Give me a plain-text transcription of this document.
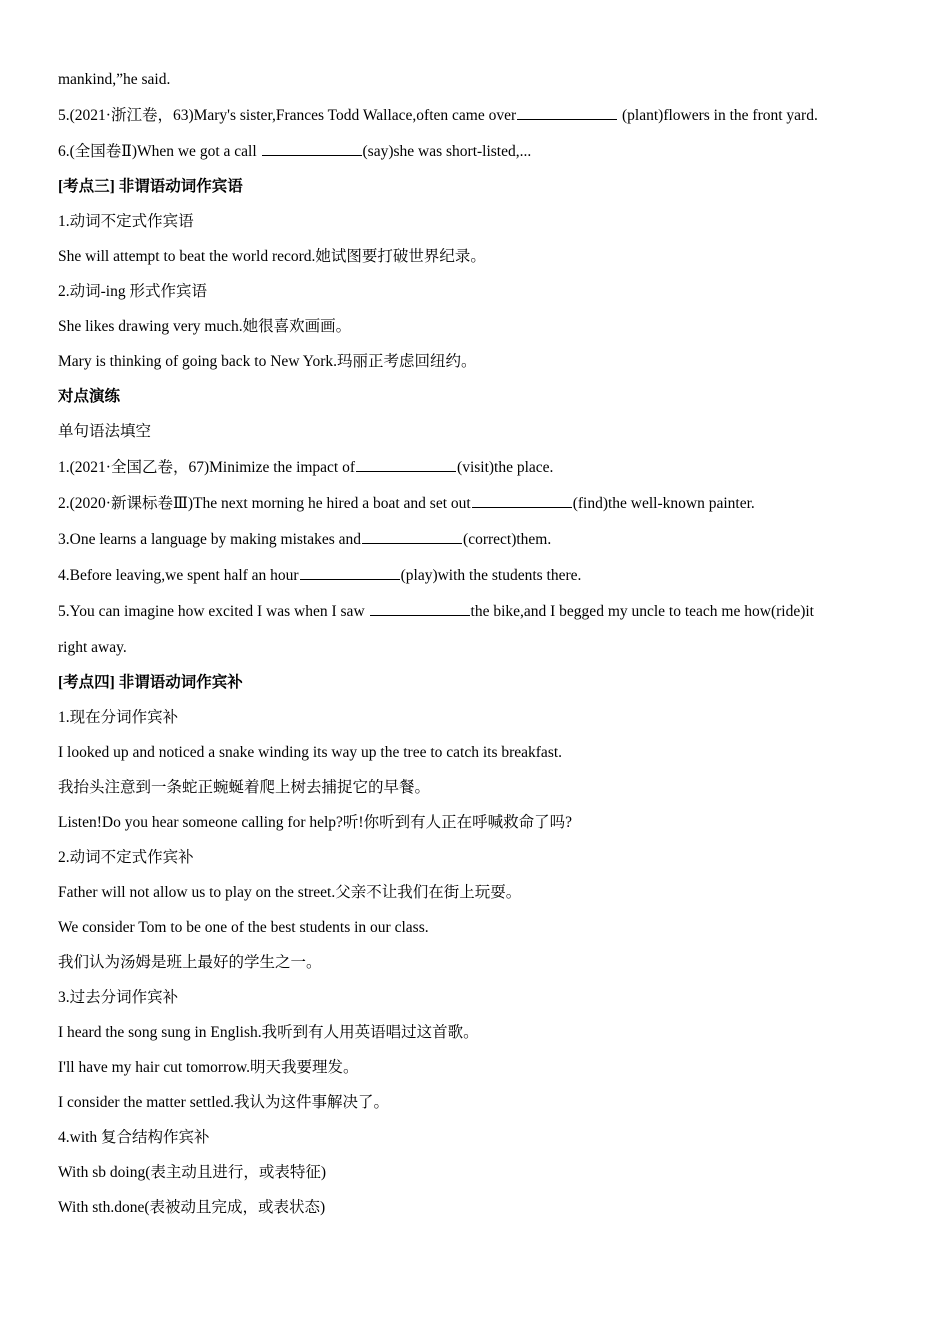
mankind,”he said.
5.(2021·浙江卷，63)Mary's sister,Frances Todd Wallace,often came over	(plant)flowers in the front yard.
6.(全国卷Ⅱ)When we got a call	(say)she was short-listed,...
[考点三] 非谓语动词作宾语
1.动词不定式作宾语
She will attempt to beat the world record.她试图要打破世界纪录。
2.动词-ing 形式作宾语
She likes drawing very much.她很喜欢画画。
Mary is thinking of going back to New York.玛丽正考虑回纽约。
对点演练
单句语法填空
1.(2021·全国乙卷，67)Minimize the impact of	(visit)the place.
2.(2020·新课标卷Ⅲ)The next morning he hired a boat and set out	(find)the well-known painter.
3.One learns a language by making mistakes and	(correct)them.
4.Before leaving,we spent half an hour	(play)with the students there.
5.You can imagine how excited I was when I saw	the bike,and I begged my uncle to teach me how(ride)it
right away.
[考点四] 非谓语动词作宾补
1.现在分词作宾补
I looked up and noticed a snake winding its way up the tree to catch its breakfast.
我抬头注意到一条蛇正蜿蜒着爬上树去捕捉它的早餐。
Listen!Do you hear someone calling for help?听!你听到有人正在呼喊救命了吗?
2.动词不定式作宾补
Father will not allow us to play on the street.父亲不让我们在街上玩耍。
We consider Tom to be one of the best students in our class.
我们认为汤姆是班上最好的学生之一。
3.过去分词作宾补
I heard the song sung in English.我听到有人用英语唱过这首歌。
I'll have my hair cut tomorrow.明天我要理发。
I consider the matter settled.我认为这件事解决了。
4.with 复合结构作宾补
With sb doing(表主动且进行，或表特征)
With sth.done(表被动且完成，或表状态)
